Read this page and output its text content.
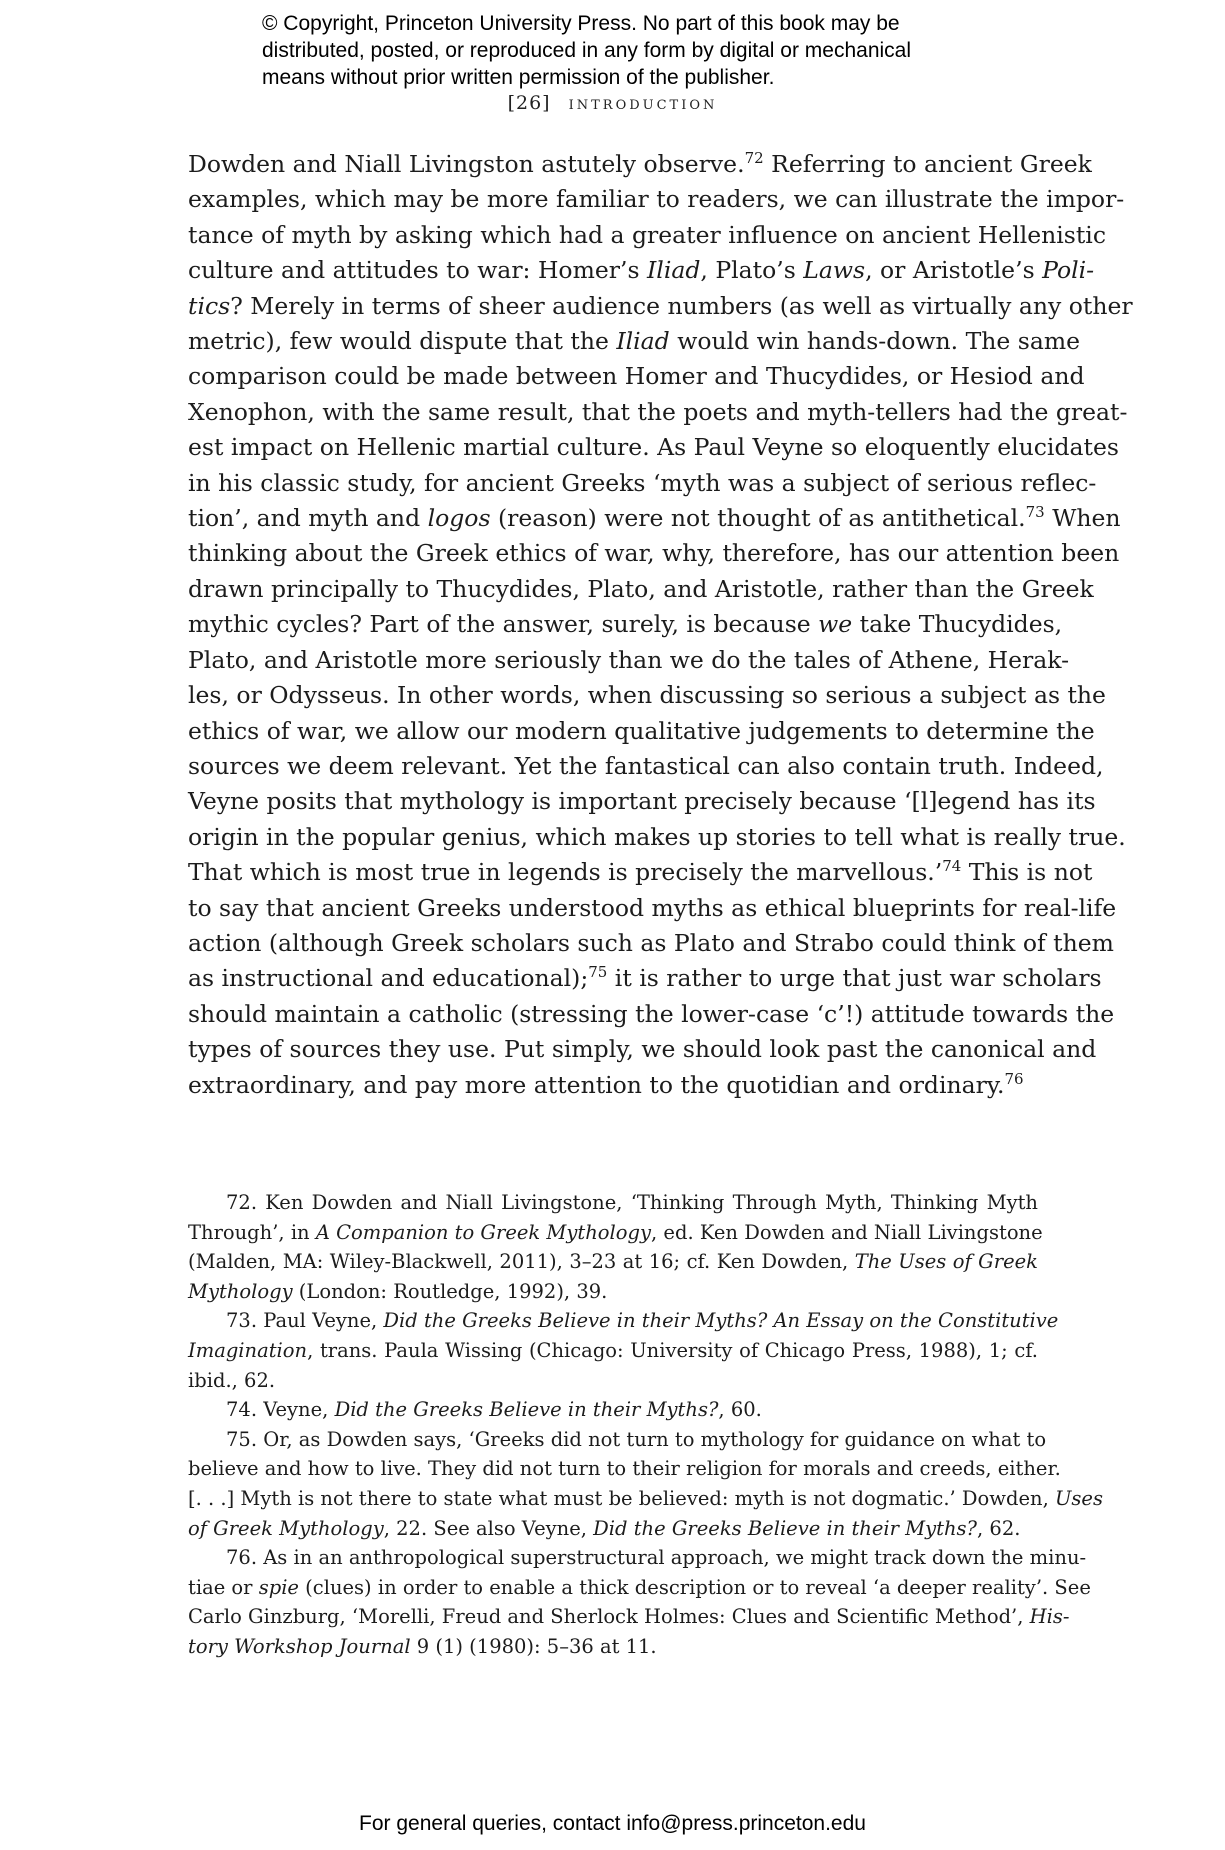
© Copyright, Princeton University Press. No part of this book may be
distributed, posted, or reproduced in any form by digital or mechanical
means without prior written permission of the publisher.
[26] introduction
Dowden and Niall Livingston astutely observe.$^{72}$ Referring to ancient Greek
examples, which may be more familiar to readers, we can illustrate the impor-
tance of myth by asking which had a greater influence on ancient Hellenistic
culture and attitudes to war: Homer’s Iliad, Plato’s Laws, or Aristotle’s Poli-
tics? Merely in terms of sheer audience numbers (as well as virtually any other
metric), few would dispute that the Iliad would win hands-down. The same
comparison could be made between Homer and Thucydides, or Hesiod and
Xenophon, with the same result, that the poets and myth-tellers had the great-
est impact on Hellenic martial culture. As Paul Veyne so eloquently elucidates
in his classic study, for ancient Greeks ‘myth was a subject of serious reflec-
tion’, and myth and logos (reason) were not thought of as antithetical.$^{73}$ When
thinking about the Greek ethics of war, why, therefore, has our attention been
drawn principally to Thucydides, Plato, and Aristotle, rather than the Greek
mythic cycles? Part of the answer, surely, is because we take Thucydides,
Plato, and Aristotle more seriously than we do the tales of Athene, Herak-
les, or Odysseus. In other words, when discussing so serious a subject as the
ethics of war, we allow our modern qualitative judgements to determine the
sources we deem relevant. Yet the fantastical can also contain truth. Indeed,
Veyne posits that mythology is important precisely because ‘[l]egend has its
origin in the popular genius, which makes up stories to tell what is really true.
That which is most true in legends is precisely the marvellous.’$^{74}$ This is not
to say that ancient Greeks understood myths as ethical blueprints for real-life
action (although Greek scholars such as Plato and Strabo could think of them
as instructional and educational);$^{75}$ it is rather to urge that just war scholars
should maintain a catholic (stressing the lower-case ‘c’!) attitude towards the
types of sources they use. Put simply, we should look past the canonical and
extraordinary, and pay more attention to the quotidian and ordinary.$^{76}$
72. Ken Dowden and Niall Livingstone, ‘Thinking Through Myth, Thinking Myth
Through’, in A Companion to Greek Mythology, ed. Ken Dowden and Niall Livingstone
(Malden, MA: Wiley-Blackwell, 2011), 3–23 at 16; cf. Ken Dowden, The Uses of Greek
Mythology (London: Routledge, 1992), 39.
73. Paul Veyne, Did the Greeks Believe in their Myths? An Essay on the Constitutive
Imagination, trans. Paula Wissing (Chicago: University of Chicago Press, 1988), 1; cf.
ibid., 62.
74. Veyne, Did the Greeks Believe in their Myths?, 60.
75. Or, as Dowden says, ‘Greeks did not turn to mythology for guidance on what to
believe and how to live. They did not turn to their religion for morals and creeds, either.
[. . .] Myth is not there to state what must be believed: myth is not dogmatic.’ Dowden, Uses
of Greek Mythology, 22. See also Veyne, Did the Greeks Believe in their Myths?, 62.
76. As in an anthropological superstructural approach, we might track down the minu-
tiae or spie (clues) in order to enable a thick description or to reveal ‘a deeper reality’. See
Carlo Ginzburg, ‘Morelli, Freud and Sherlock Holmes: Clues and Scientific Method’, His-
tory Workshop Journal 9 (1) (1980): 5–36 at 11.
For general queries, contact info@press.princeton.edu
